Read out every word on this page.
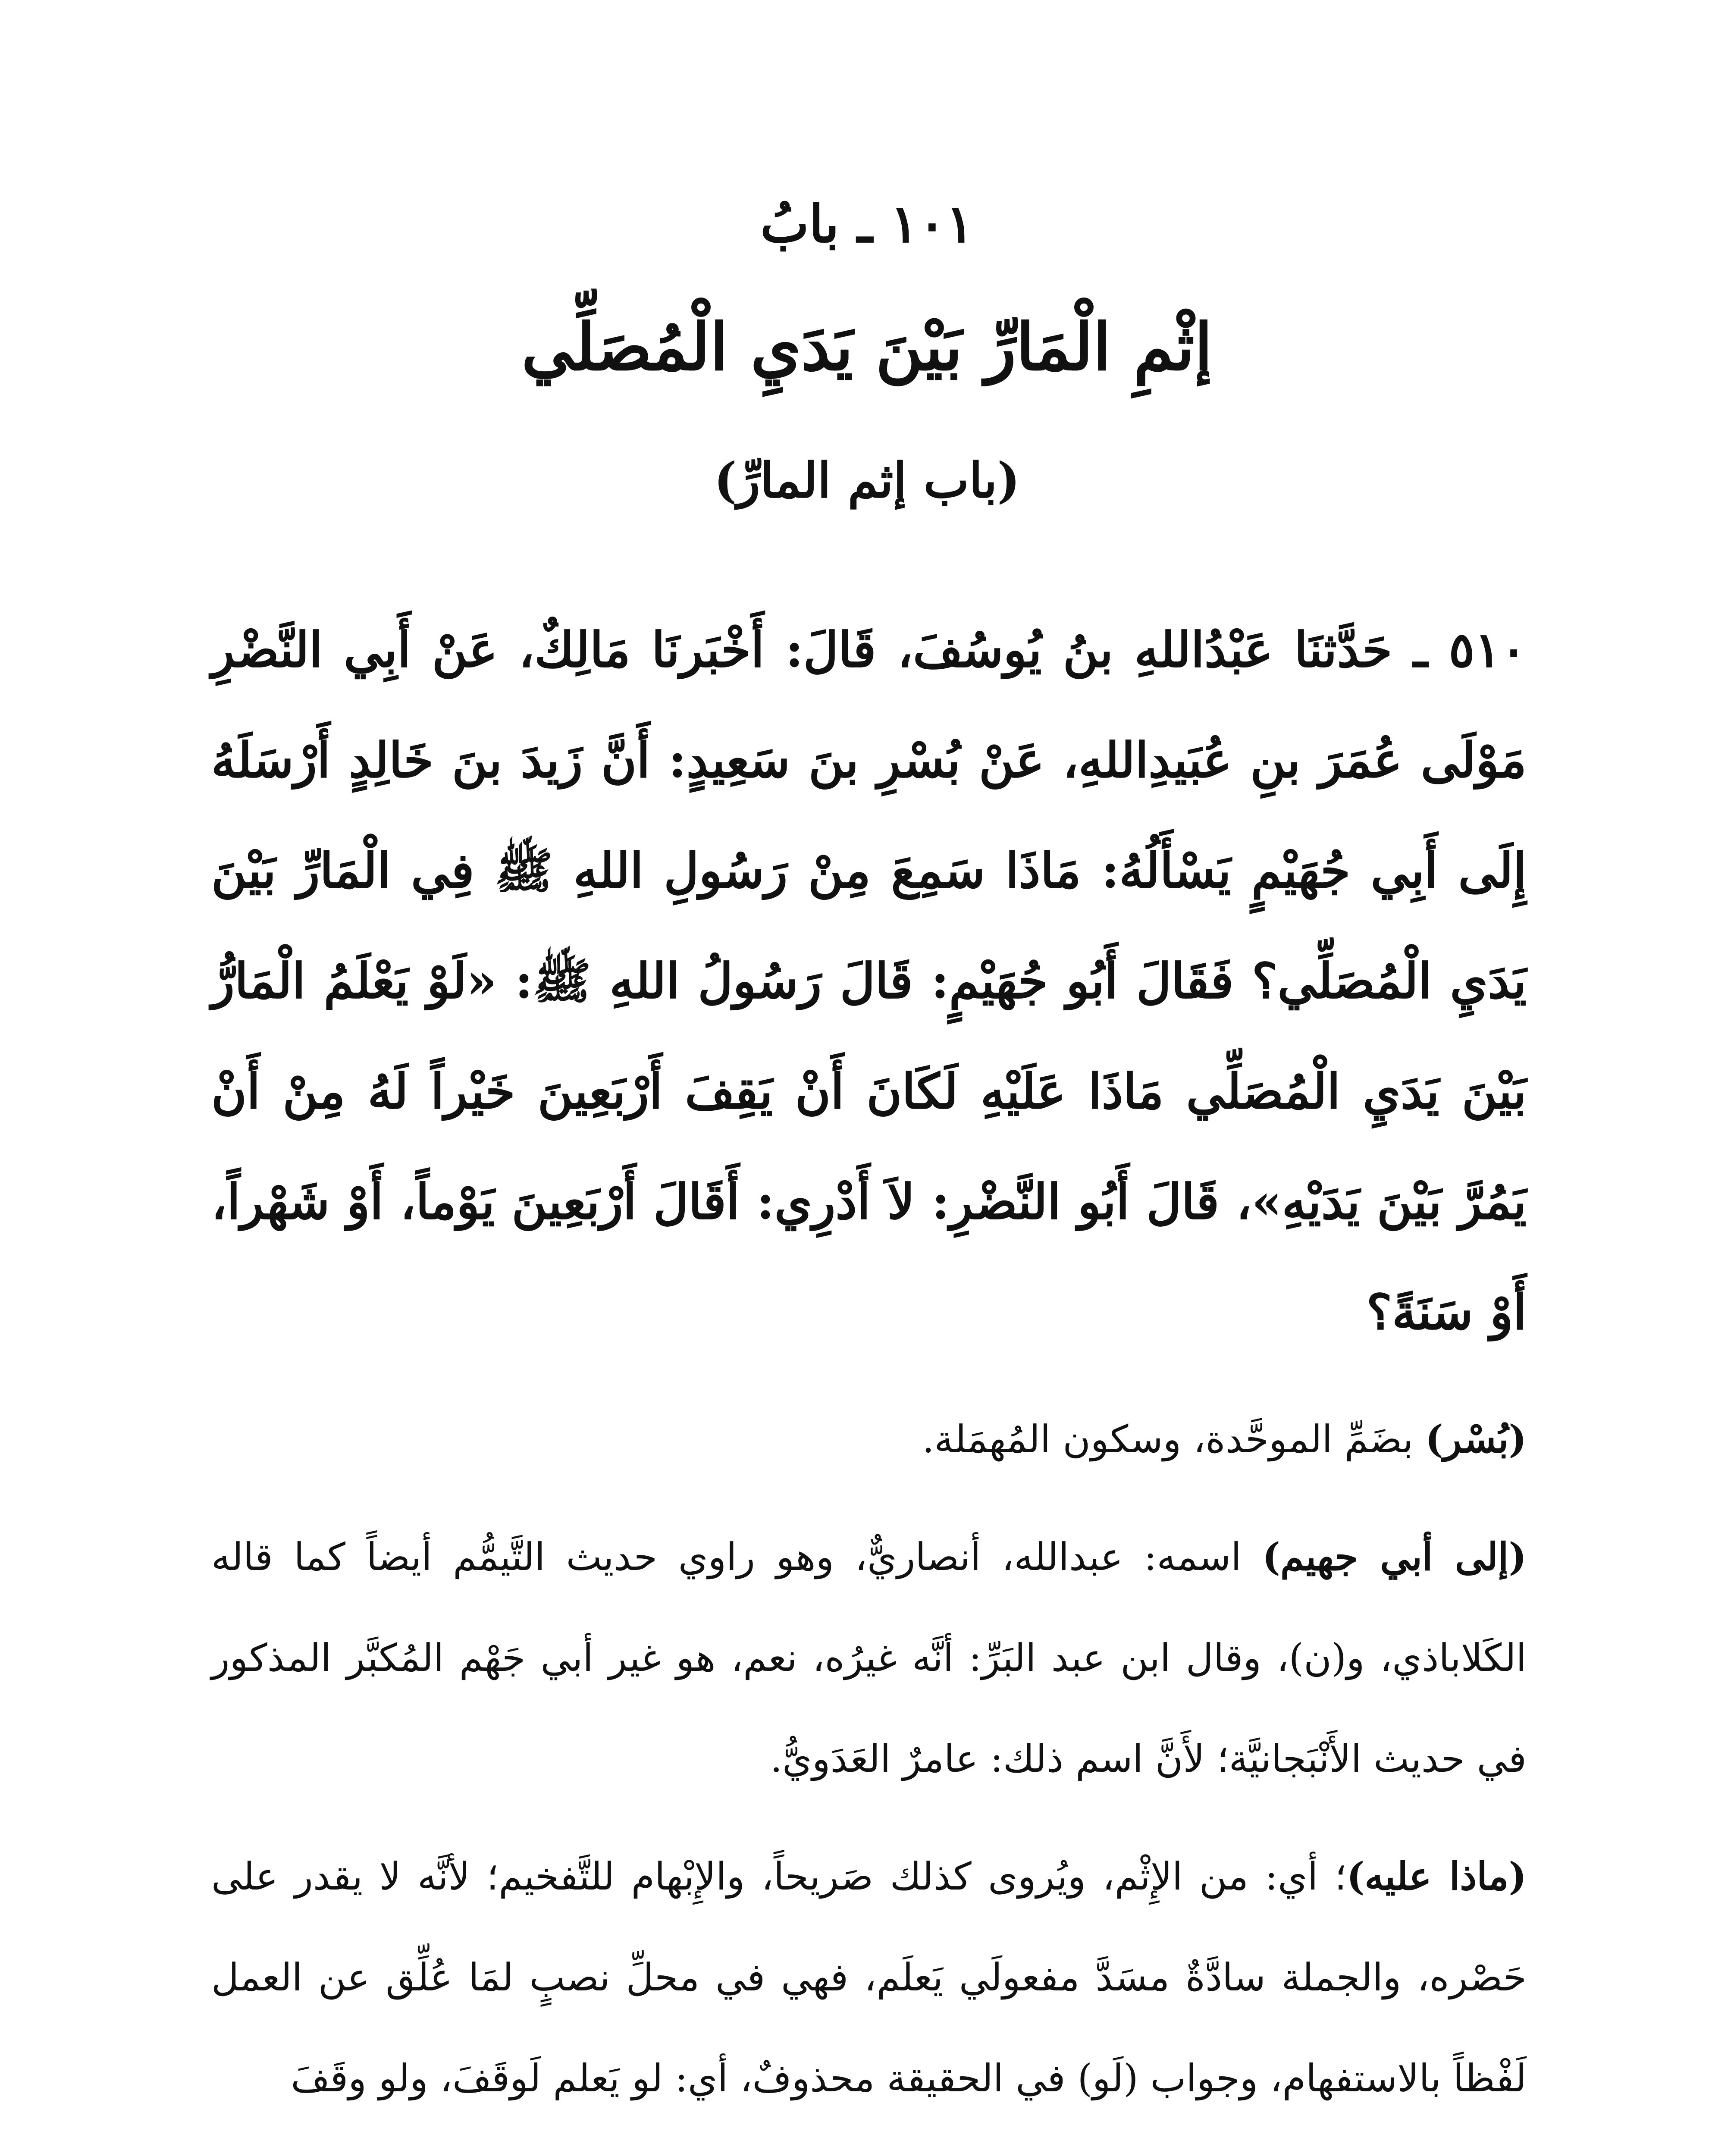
١٠١ ـ بابُ
إثْمِ الْمَارِّ بَيْنَ يَدَيِ الْمُصَلِّي
(باب إثم المارِّ)
٥١٠ ـ حَدَّثنَا عَبْدُاللهِ بنُ يُوسُفَ، قَالَ: أَخْبَرنَا مَالِكٌ، عَنْ أَبِي النَّضْرِ مَوْلَى عُمَرَ بنِ عُبَيدِاللهِ، عَنْ بُسْرِ بنَ سَعِيدٍ: أَنَّ زَيدَ بنَ خَالِدٍ أَرْسَلَهُ إِلَى أَبِي جُهَيْمٍ يَسْأَلُهُ: مَاذَا سَمِعَ مِنْ رَسُولِ اللهِ ﷺ فِي الْمَارِّ بَيْنَ يَدَيِ الْمُصَلِّي؟ فَقَالَ أَبُو جُهَيْمٍ: قَالَ رَسُولُ اللهِ ﷺ: «لَوْ يَعْلَمُ الْمَارُّ بَيْنَ يَدَيِ الْمُصَلِّي مَاذَا عَلَيْهِ لَكَانَ أَنْ يَقِفَ أَرْبَعِينَ خَيْراً لَهُ مِنْ أَنْ يَمُرَّ بَيْنَ يَدَيْهِ»، قَالَ أَبُو النَّضْرِ: لاَ أَدْرِي: أَقَالَ أَرْبَعِينَ يَوْماً، أَوْ شَهْراً، أَوْ سَنَةً؟

(بُسْر) بضَمِّ الموحَّدة، وسكون المُهمَلة.

(إلى أبي جهيم) اسمه: عبدالله، أنصاريٌّ، وهو راوي حديث التَّيمُّم أيضاً كما قاله الكَلاباذي، و(ن)، وقال ابن عبد البَرِّ: أنَّه غيرُه، نعم، هو غير أبي جَهْم المُكبَّر المذكور في حديث الأَنْبَجانيَّة؛ لأَنَّ اسم ذلك: عامرٌ العَدَويُّ.

(ماذا عليه)؛ أي: من الإِثْم، ويُروى كذلك صَريحاً، والإِبْهام للتَّفخيم؛ لأنَّه لا يقدر على حَصْره، والجملة سادَّةٌ مسَدَّ مفعولَي يَعلَم، فهي في محلِّ نصبٍ لمَا عُلِّق عن العمل لَفْظاً بالاستفهام، وجواب (لَو) في الحقيقة محذوفٌ، أي: لو يَعلم لَوقَفَ، ولو وقَفَ
